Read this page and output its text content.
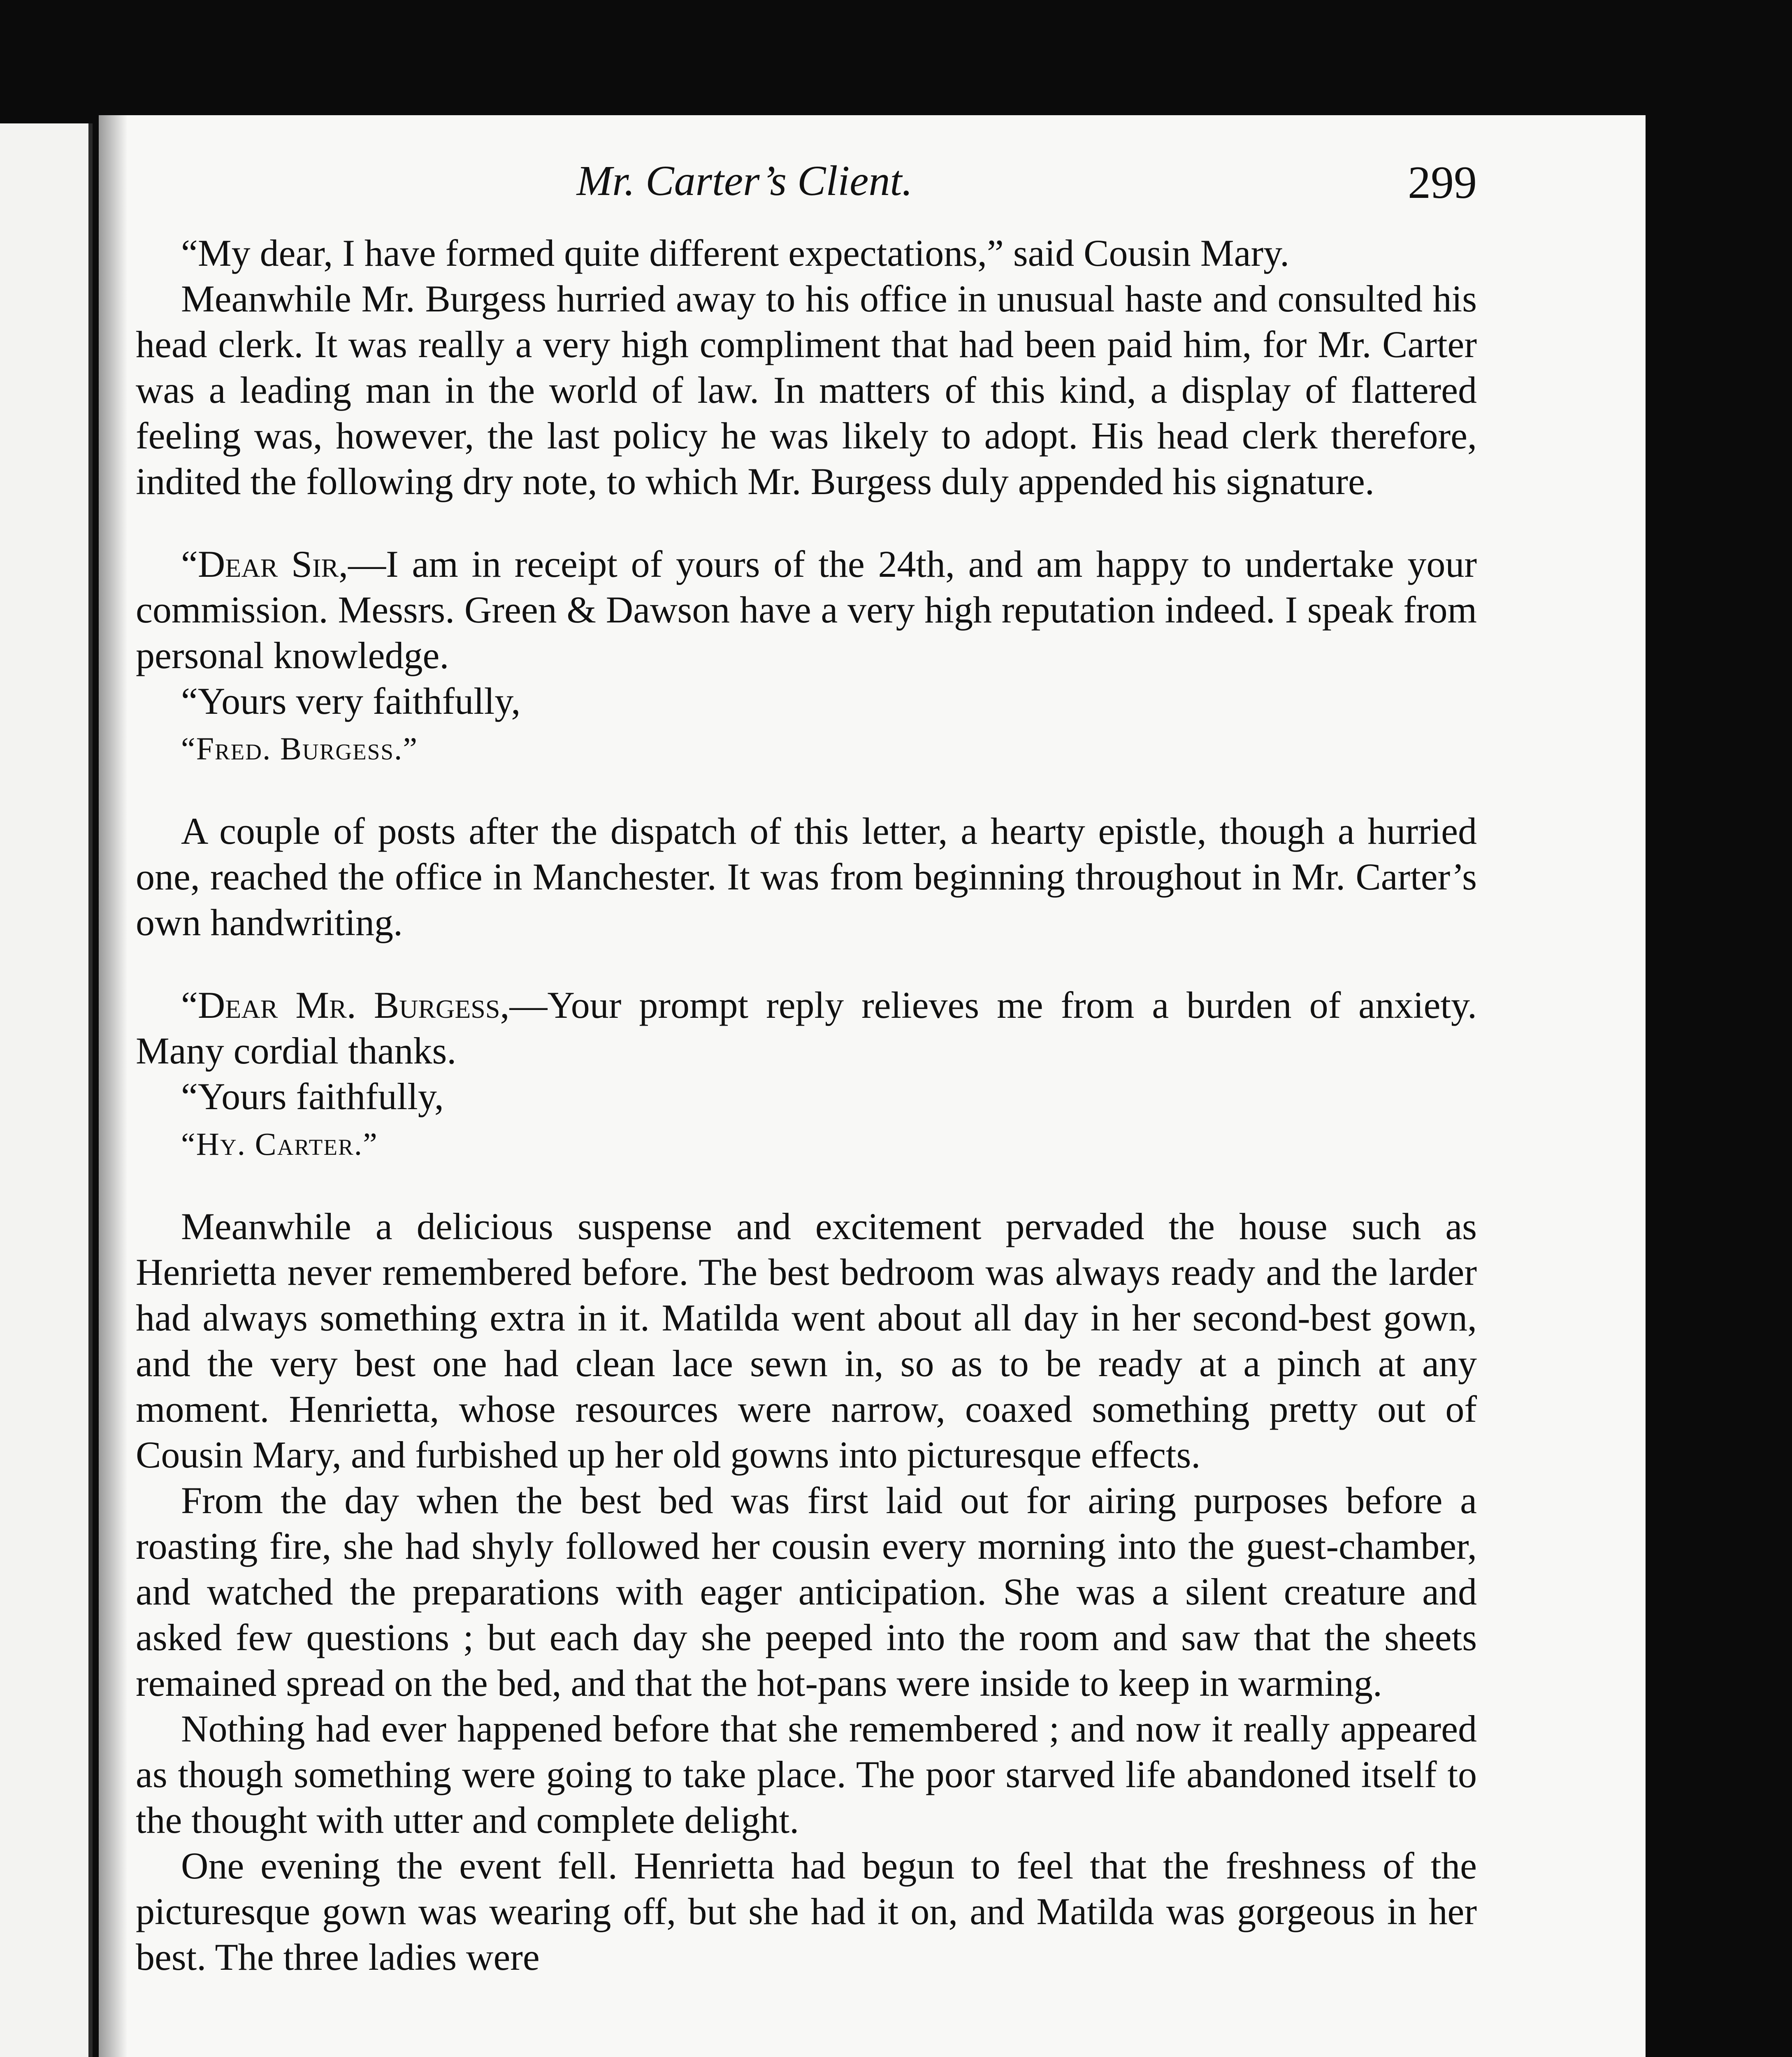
Mr. Carter’s Client.	299

“My dear, I have formed quite different expectations,” said Cousin Mary.

Meanwhile Mr. Burgess hurried away to his office in unusual haste and consulted his head clerk. It was really a very high compliment that had been paid him, for Mr. Carter was a leading man in the world of law. In matters of this kind, a display of flattered feeling was, however, the last policy he was likely to adopt. His head clerk therefore, indited the following dry note, to which Mr. Burgess duly appended his signature.

“Dear Sir,—I am in receipt of yours of the 24th, and am happy to undertake your commission. Messrs. Green & Dawson have a very high reputation indeed. I speak from personal knowledge.

“Yours very faithfully,

“Fred. Burgess.”

A couple of posts after the dispatch of this letter, a hearty epistle, though a hurried one, reached the office in Manchester. It was from beginning throughout in Mr. Carter’s own handwriting.

“Dear Mr. Burgess,—Your prompt reply relieves me from a burden of anxiety. Many cordial thanks.

“Yours faithfully,

“Hy. Carter.”

Meanwhile a delicious suspense and excitement pervaded the house such as Henrietta never remembered before. The best bedroom was always ready and the larder had always something extra in it. Matilda went about all day in her second-best gown, and the very best one had clean lace sewn in, so as to be ready at a pinch at any moment. Henrietta, whose resources were narrow, coaxed something pretty out of Cousin Mary, and furbished up her old gowns into picturesque effects.

From the day when the best bed was first laid out for airing purposes before a roasting fire, she had shyly followed her cousin every morning into the guest-chamber, and watched the preparations with eager anticipation. She was a silent creature and asked few questions ; but each day she peeped into the room and saw that the sheets remained spread on the bed, and that the hot-pans were inside to keep in warming.

Nothing had ever happened before that she remembered ; and now it really appeared as though something were going to take place. The poor starved life abandoned itself to the thought with utter and complete delight.

One evening the event fell. Henrietta had begun to feel that the freshness of the picturesque gown was wearing off, but she had it on, and Matilda was gorgeous in her best. The three ladies were
